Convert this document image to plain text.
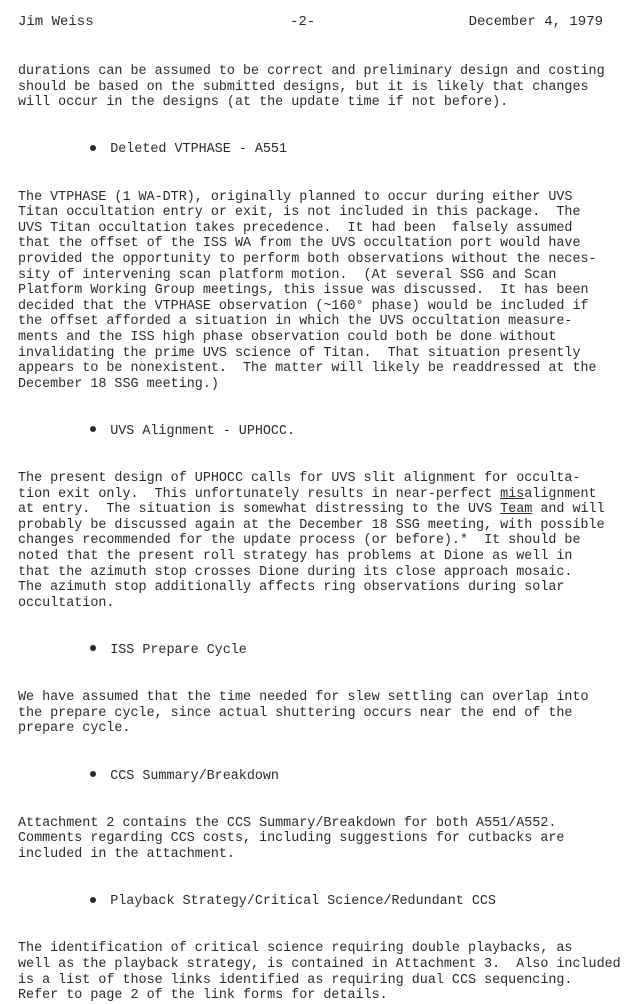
Jim Weiss	-2-	December 4, 1979
durations can be assumed to be correct and preliminary design and costing
should be based on the submitted designs, but it is likely that changes
will occur in the designs (at the update time if not before).

Deleted VTPHASE - A551

The VTPHASE (1 WA-DTR), originally planned to occur during either UVS
Titan occultation entry or exit, is not included in this package.  The
UVS Titan occultation takes precedence.  It had been  falsely assumed
that the offset of the ISS WA from the UVS occultation port would have
provided the opportunity to perform both observations without the neces-
sity of intervening scan platform motion.  (At several SSG and Scan
Platform Working Group meetings, this issue was discussed.  It has been
decided that the VTPHASE observation (~160° phase) would be included if
the offset afforded a situation in which the UVS occultation measure-
ments and the ISS high phase observation could both be done without
invalidating the prime UVS science of Titan.  That situation presently
appears to be nonexistent.  The matter will likely be readdressed at the
December 18 SSG meeting.)

UVS Alignment - UPHOCC.

The present design of UPHOCC calls for UVS slit alignment for occulta-
tion exit only.  This unfortunately results in near-perfect misalignment
at entry.  The situation is somewhat distressing to the UVS Team and will
probably be discussed again at the December 18 SSG meeting, with possible
changes recommended for the update process (or before).*  It should be
noted that the present roll strategy has problems at Dione as well in
that the azimuth stop crosses Dione during its close approach mosaic.
The azimuth stop additionally affects ring observations during solar
occultation.

ISS Prepare Cycle

We have assumed that the time needed for slew settling can overlap into
the prepare cycle, since actual shuttering occurs near the end of the
prepare cycle.

CCS Summary/Breakdown

Attachment 2 contains the CCS Summary/Breakdown for both A551/A552.
Comments regarding CCS costs, including suggestions for cutbacks are
included in the attachment.

Playback Strategy/Critical Science/Redundant CCS

The identification of critical science requiring double playbacks, as
well as the playback strategy, is contained in Attachment 3.  Also included
is a list of those links identified as requiring dual CCS sequencing.
Refer to page 2 of the link forms for details.
